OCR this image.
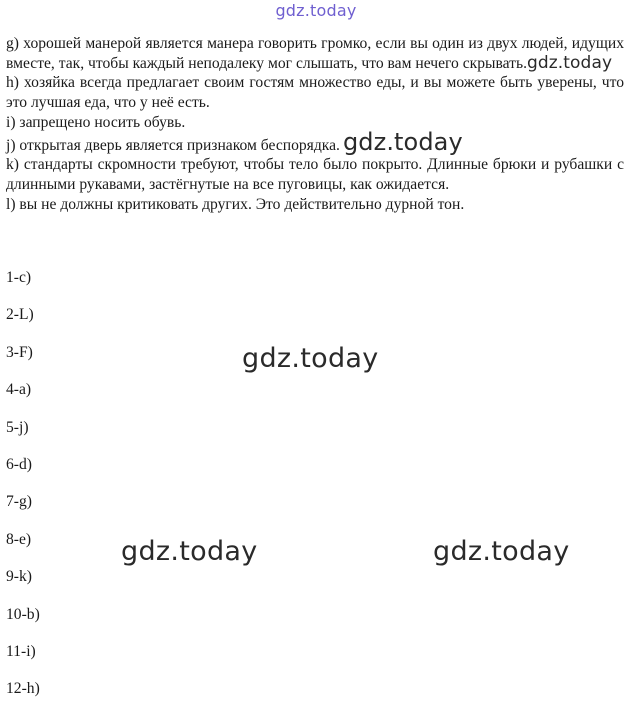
gdz.today

g) хорошей манерой является манера говорить громко, если вы один из двух людей, идущих вместе, так, чтобы каждый неподалеку мог слышать, что вам нечего скрывать.gdz.today

h) хозяйка всегда предлагает своим гостям множество еды, и вы можете быть уверены, что это лучшая еда, что у неё есть.

i) запрещено носить обувь.

j) открытая дверь является признаком беспорядка. gdz.today

k) стандарты скромности требуют, чтобы тело было покрыто. Длинные брюки и рубашки с длинными рукавами, застёгнутые на все пуговицы, как ожидается.

l) вы не должны критиковать других. Это действительно дурной тон.

1-c)
2-L)
3-F)
4-a)
5-j)
6-d)
7-g)
8-e)
9-k)
10-b)
11-i)
12-h)
gdz.today
gdz.today	gdz.today
